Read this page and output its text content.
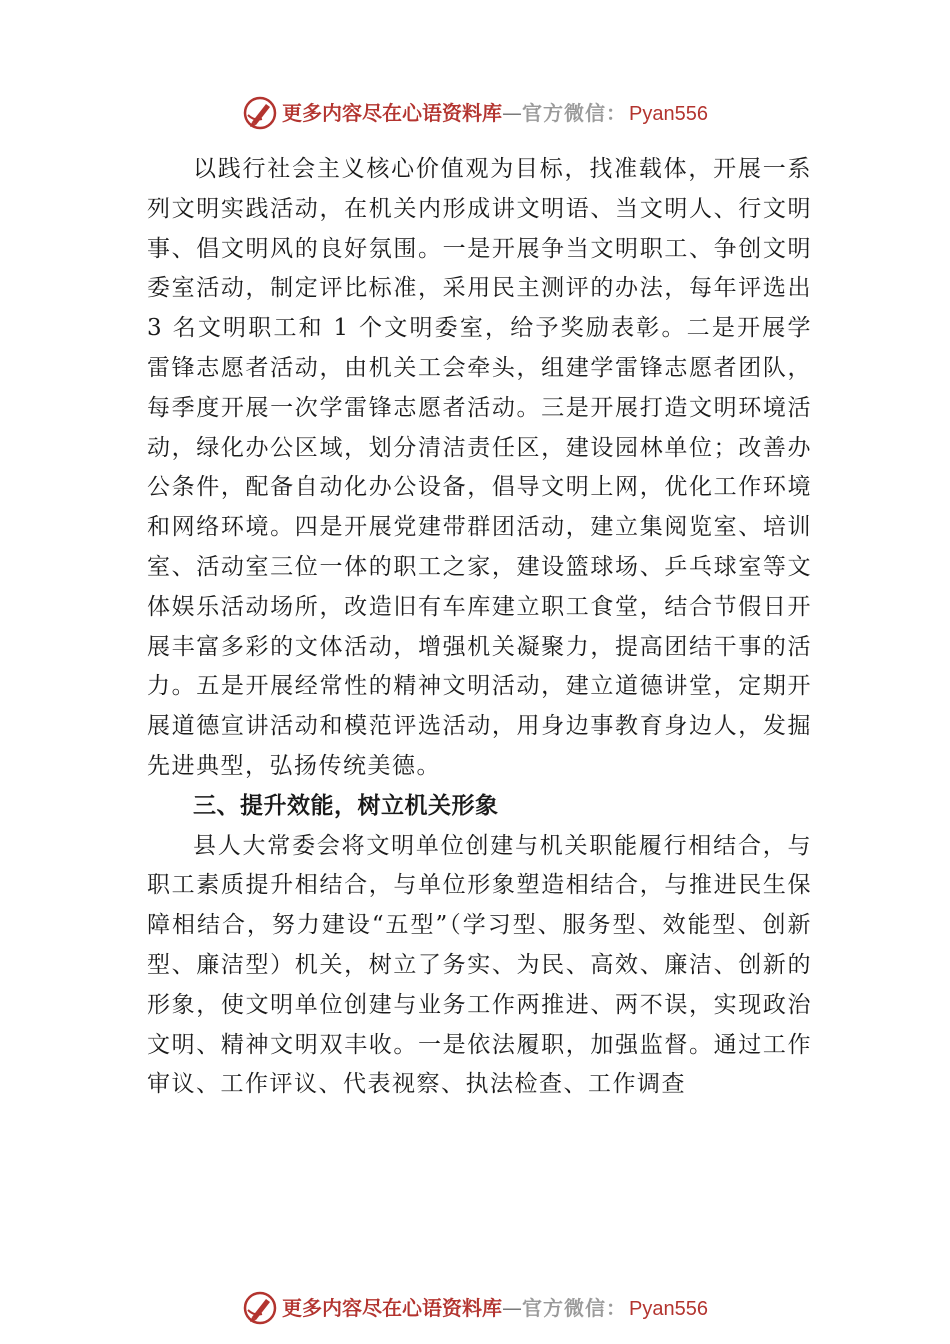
更多内容尽在心语资料库—官方微信： Pyan556

以践行社会主义核心价值观为目标，找准载体，开展一系列文明实践活动，在机关内形成讲文明语、当文明人、行文明事、倡文明风的良好氛围。一是开展争当文明职工、争创文明委室活动，制定评比标准，采用民主测评的办法，每年评选出 3 名文明职工和 1 个文明委室，给予奖励表彰。二是开展学雷锋志愿者活动，由机关工会牵头，组建学雷锋志愿者团队，每季度开展一次学雷锋志愿者活动。三是开展打造文明环境活动，绿化办公区域，划分清洁责任区，建设园林单位；改善办公条件，配备自动化办公设备，倡导文明上网，优化工作环境和网络环境。四是开展党建带群团活动，建立集阅览室、培训室、活动室三位一体的职工之家，建设篮球场、乒乓球室等文体娱乐活动场所，改造旧有车库建立职工食堂，结合节假日开展丰富多彩的文体活动，增强机关凝聚力，提高团结干事的活力。五是开展经常性的精神文明活动，建立道德讲堂，定期开展道德宣讲活动和模范评选活动，用身边事教育身边人，发掘先进典型，弘扬传统美德。

三、提升效能，树立机关形象

县人大常委会将文明单位创建与机关职能履行相结合，与职工素质提升相结合，与单位形象塑造相结合，与推进民生保障相结合，努力建设“五型”（学习型、服务型、效能型、创新型、廉洁型）机关，树立了务实、为民、高效、廉洁、创新的形象，使文明单位创建与业务工作两推进、两不误，实现政治文明、精神文明双丰收。一是依法履职，加强监督。通过工作审议、工作评议、代表视察、执法检查、工作调查

更多内容尽在心语资料库—官方微信： Pyan556
